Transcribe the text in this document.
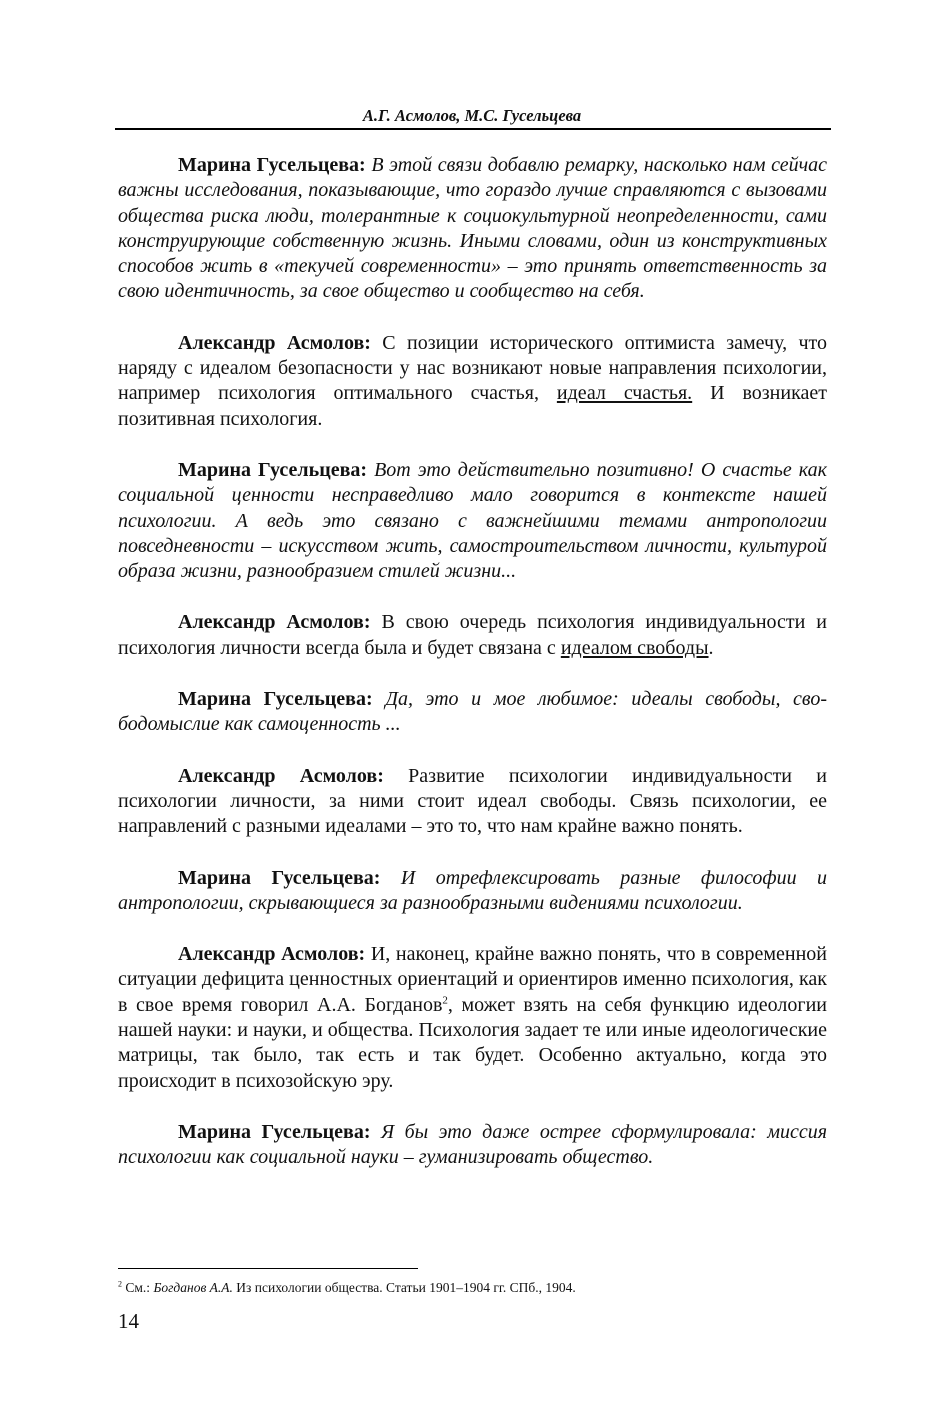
А.Г. Асмолов, М.С. Гусельцева

Марина Гусельцева: В этой связи добавлю ремарку, насколько нам сейчас важны исследования, показывающие, что гораздо лучше справляются с вызовами общества риска люди, толерантные к социокультурной неопределенности, сами конструирующие собственную жизнь. Иными словами, один из конструктивных способов жить в «текучей современности» – это принять ответственность за свою идентичность, за свое общество и сообщество на себя.

Александр Асмолов: С позиции исторического оптимиста замечу, что наряду с идеалом безопасности у нас возникают новые направления психологии, например психология оптимального счастья, идеал счастья. И возникает позитивная психология.

Марина Гусельцева: Вот это действительно позитивно! О счастье как социальной ценности несправедливо мало говорится в контексте нашей психологии. А ведь это связано с важнейшими темами антропологии повседневности – искусством жить, самостроительством личности, культурой образа жизни, разнообразием стилей жизни...

Александр Асмолов: В свою очередь психология индивидуальности и психология личности всегда была и будет связана с идеалом свободы.

Марина Гусельцева: Да, это и мое любимое: идеалы свободы, свободомыслие как самоценность ...

Александр Асмолов: Развитие психологии индивидуальности и психологии личности, за ними стоит идеал свободы. Связь психологии, ее направлений с разными идеалами – это то, что нам крайне важно понять.

Марина Гусельцева: И отрефлексировать разные философии и антропологии, скрывающиеся за разнообразными видениями психологии.

Александр Асмолов: И, наконец, крайне важно понять, что в современной ситуации дефицита ценностных ориентаций и ориентиров именно психология, как в свое время говорил А.А. Богданов$^2$, может взять на себя функцию идеологии нашей науки: и науки, и общества. Психология задает те или иные идеологические матрицы, так было, так есть и так будет. Особенно актуально, когда это происходит в психозойскую эру.

Марина Гусельцева: Я бы это даже острее сформулировала: миссия психологии как социальной науки – гуманизировать общество.

$^2$ См.: Богданов А.А. Из психологии общества. Статьи 1901–1904 гг. СПб., 1904.
14
